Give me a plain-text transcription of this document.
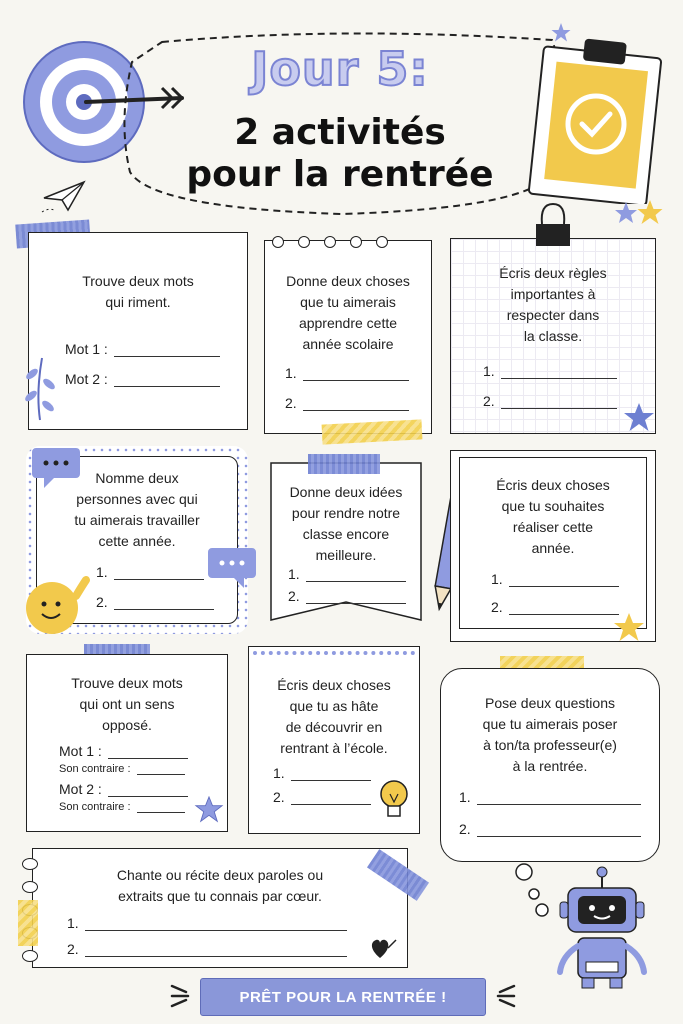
Jour 5:
2 activités
pour la rentrée
Trouve deux mots
qui riment.
Mot 1 :
Mot 2 :
Donne deux choses
que tu aimerais
apprendre cette
année scolaire
1.
2.
Écris deux règles
importantes à
respecter dans
la classe.
1.
2.
Nomme deux
personnes avec qui
tu aimerais travailler
cette année.
1.
2.
Donne deux idées
pour rendre notre
classe encore
meilleure.
1.
2.
Écris deux choses
que tu souhaites
réaliser cette
année.
1.
2.
Trouve deux mots
qui ont un sens
opposé.
Mot 1 :
Son contraire :
Mot 2 :
Son contraire :
Écris deux choses
que tu as hâte
de découvrir en
rentrant à l’école.
1.
2.
Pose deux questions
que tu aimerais poser
à ton/ta professeur(e)
à la rentrée.
1.
2.
Chante ou récite deux paroles ou
extraits que tu connais par cœur.
1.
2.
PRÊT POUR LA RENTRÉE !
